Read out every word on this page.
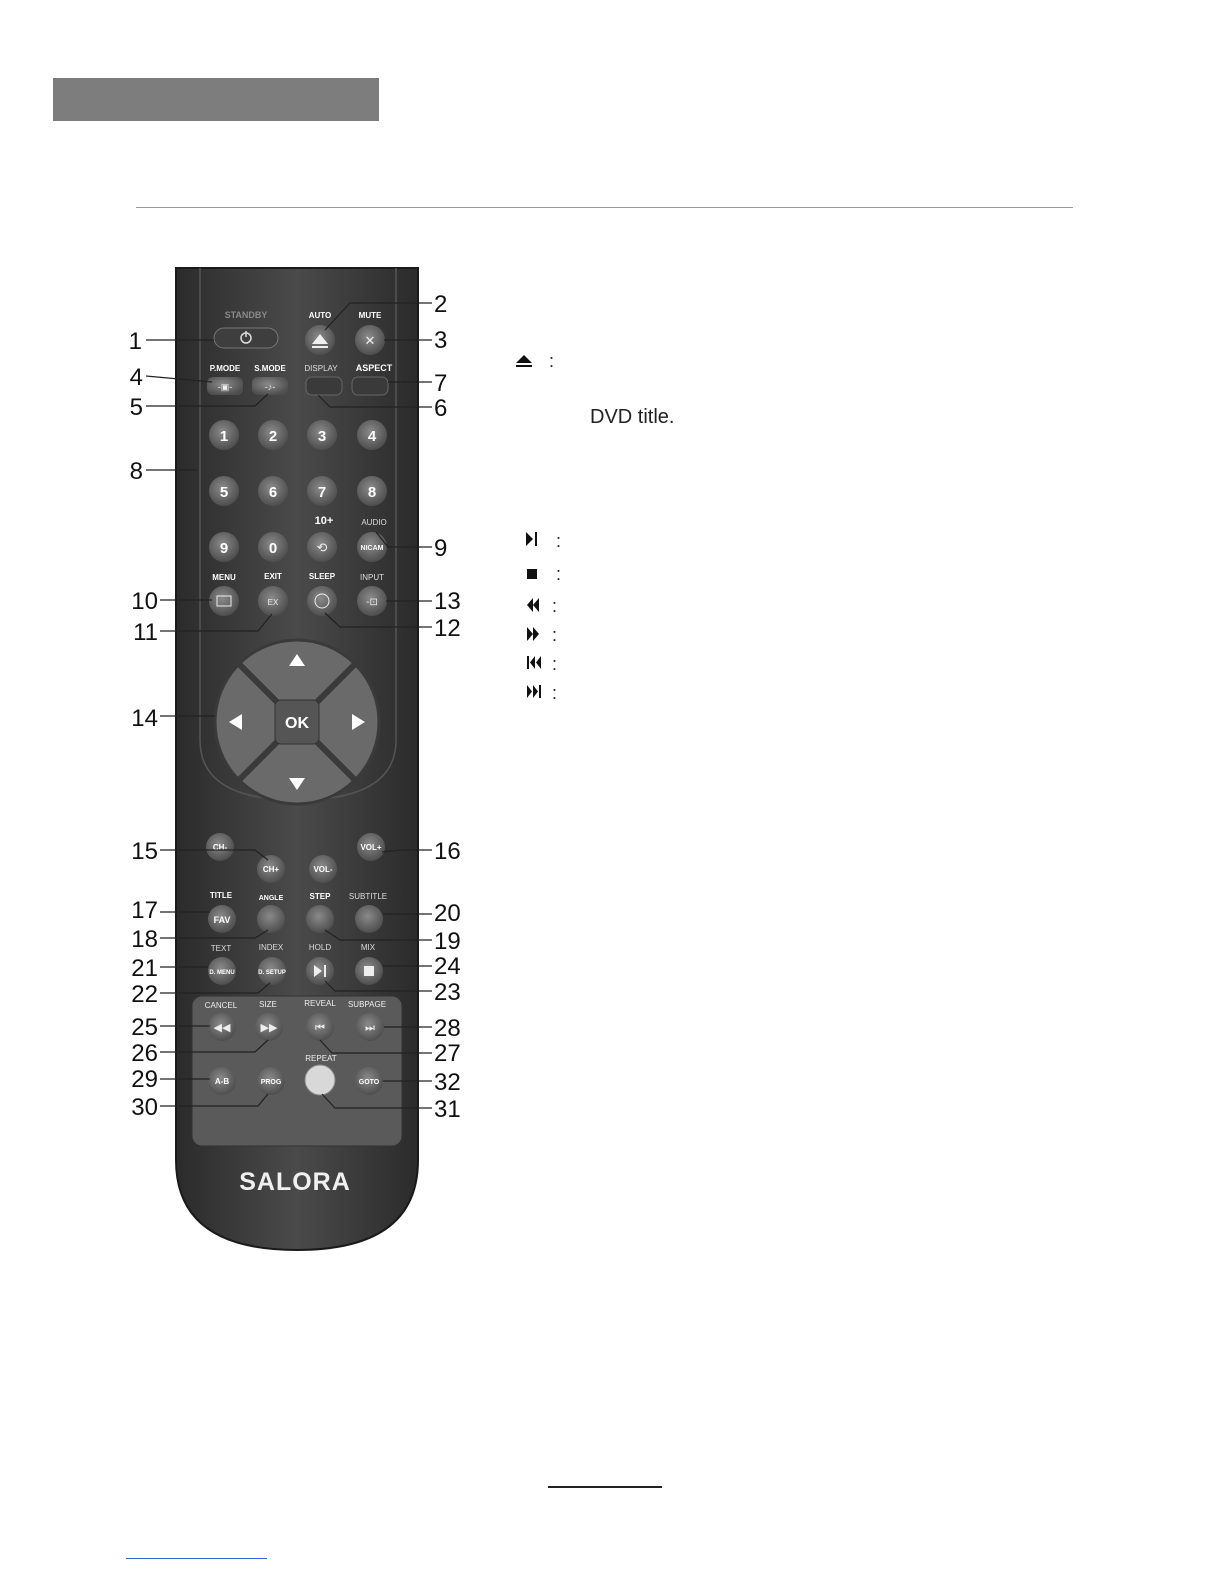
STANDBY	AUTO	MUTE
✕
P.MODE S.MODE DISPLAY ASPECT
-▣-	-♪-
1	2	3	4
5	6	7	8
9	0
10+
⟲
AUDIO
NICAM
MENU	EXIT	SLEEP	INPUT
EX	-⊡
OK
CH-
CH+	VOL-
VOL+
TITLE	ANGLE	STEP SUBTITLE
FAV
TEXT	INDEX	HOLD	MIX
D. MENU	D. SETUP
CANCEL	SIZE	REVEAL SUBPAGE
◀◀	▶▶	⏮	⏭
REPEAT
A-B	PROG	GOTO
SALORA
1
4
5
8
10
11
14
15
17
18
21
22
25
26
29
30
2
3
7
6
9
13
12
16
20
19
24
23
28
27
32
31
:
:
:
:
:
:
:
DVD title.
